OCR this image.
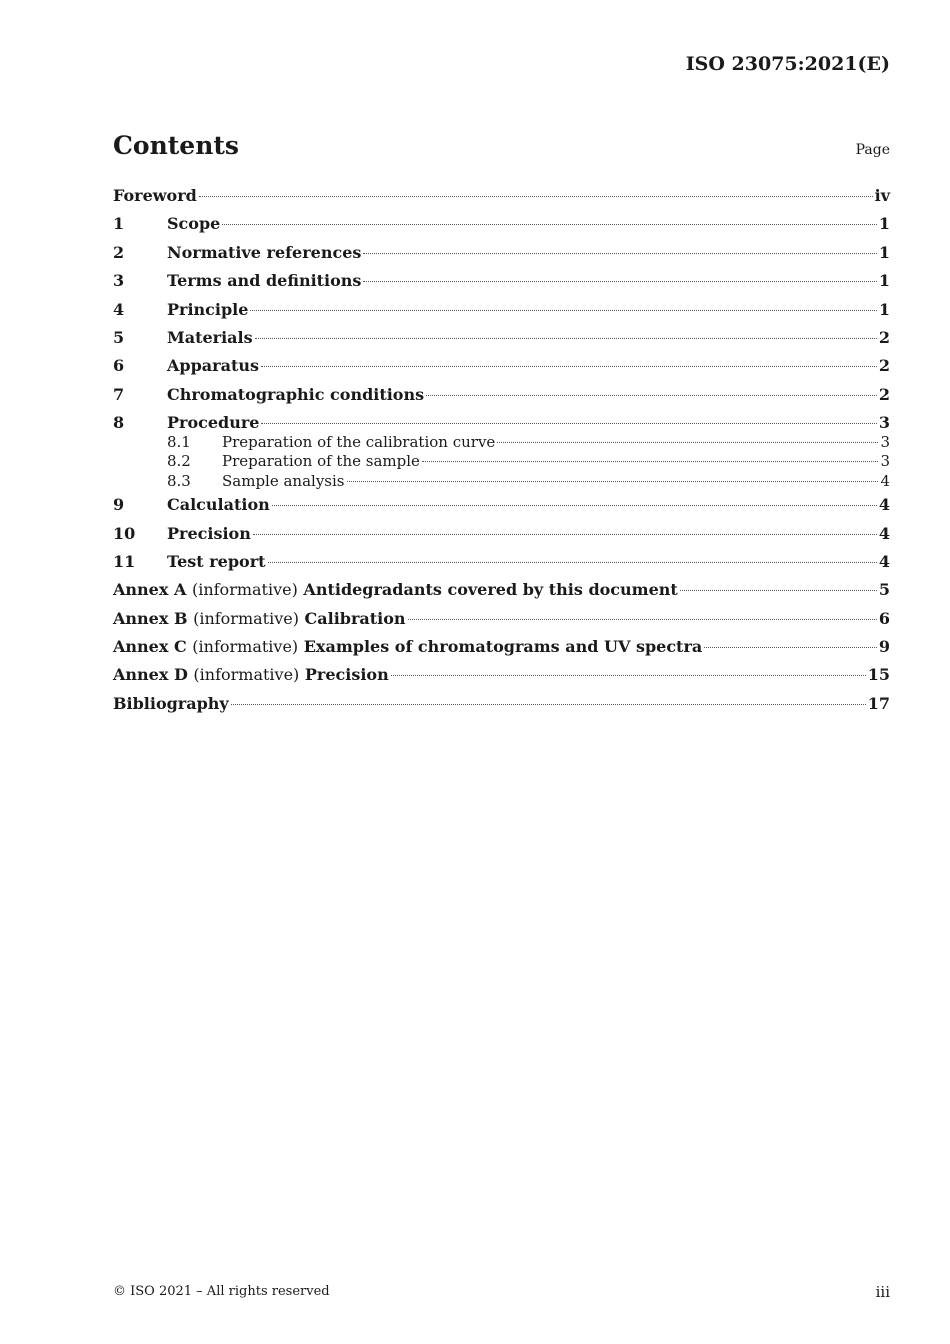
ISO 23075:2021(E)
Contents	Page
Foreword	iv
1	Scope	1
2	Normative references	1
3	Terms and definitions	1
4	Principle	1
5	Materials	2
6	Apparatus	2
7	Chromatographic conditions	2
8	Procedure	3
8.1	Preparation of the calibration curve	3
8.2	Preparation of the sample	3
8.3	Sample analysis	4
9	Calculation	4
10	Precision	4
11	Test report	4
Annex A (informative) Antidegradants covered by this document	5
Annex B (informative) Calibration	6
Annex C (informative) Examples of chromatograms and UV spectra	9
Annex D (informative) Precision	15
Bibliography	17
© ISO 2021 – All rights reserved	iii
